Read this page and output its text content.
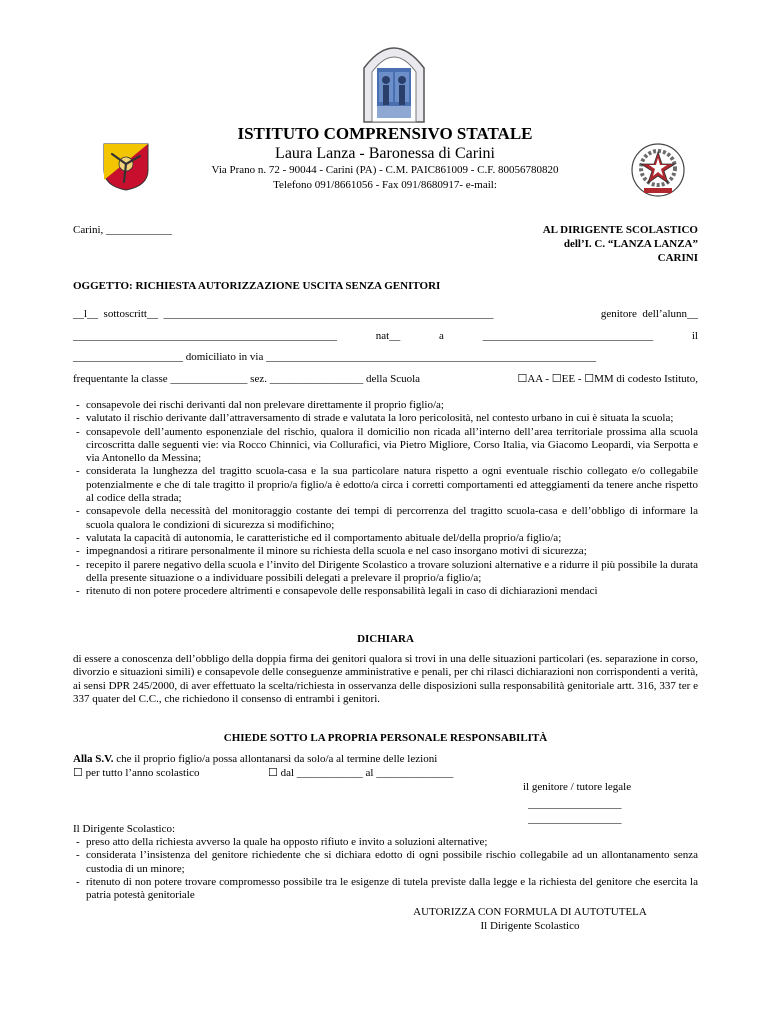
ISTITUTO COMPRENSIVO STATALE
Laura Lanza - Baronessa di Carini
Via Prano n. 72 - 90044 - Carini (PA) - C.M. PAIC861009 - C.F. 80056780820
Telefono 091/8661056 - Fax 091/8680917- e-mail:
Carini, ____________	AL DIRIGENTE SCOLASTICO
dell’I. C. “LANZA LANZA”
CARINI
OGGETTO: RICHIESTA AUTORIZZAZIONE USCITA SENZA GENITORI
__l__  sottoscritt__  ____________________________________________________________	genitore  dell’alunn__
________________________________________________	nat__	a	_______________________________	il
____________________ domiciliato in via ____________________________________________________________
frequentante la classe ______________ sez. _________________ della Scuola	☐AA - ☐EE - ☐MM di codesto Istituto,
- consapevole dei rischi derivanti dal non prelevare direttamente il proprio figlio/a;
- valutato il rischio derivante dall’attraversamento di strade e valutata la loro pericolosità, nel contesto urbano in cui è situata la scuola;
- consapevole dell’aumento esponenziale del rischio, qualora il domicilio non ricada all’interno dell’area territoriale prossima alla scuola circoscritta dalle seguenti vie: via Rocco Chinnici, via Collurafici, via Pietro Migliore, Corso Italia, via Giacomo Leopardi, via Serpotta e via Antonello da Messina;
- considerata la lunghezza del tragitto scuola-casa e la sua particolare natura rispetto a ogni eventuale rischio collegato e/o collegabile potenzialmente e che di tale tragitto il proprio/a figlio/a è edotto/a circa i corretti comportamenti ed atteggiamenti da tenere anche rispetto al codice della strada;
- consapevole della necessità del monitoraggio costante dei tempi di percorrenza del tragitto scuola-casa e dell’obbligo di informare la scuola qualora le condizioni di sicurezza si modifichino;
- valutata la capacità di autonomia, le caratteristiche ed il comportamento abituale del/della proprio/a figlio/a;
- impegnandosi a ritirare personalmente il minore su richiesta della scuola e nel caso insorgano motivi di sicurezza;
- recepito il parere negativo della scuola e l’invito del Dirigente Scolastico a trovare soluzioni alternative e a ridurre il più possibile la durata della presente situazione o a individuare possibili delegati a prelevare il proprio/a figlio/a;
- ritenuto di non potere procedere altrimenti e consapevole delle responsabilità legali in caso di dichiarazioni mendaci
DICHIARA
di essere a conoscenza dell’obbligo della doppia firma dei genitori qualora si trovi in una delle situazioni particolari (es. separazione in corso, divorzio e situazioni simili) e consapevole delle conseguenze amministrative e penali, per chi rilasci dichiarazioni non corrispondenti a verità, ai sensi DPR 245/2000, di aver effettuato la scelta/richiesta in osservanza delle disposizioni sulla responsabilità genitoriale artt. 316, 337 ter e 337 quater del C.C., che richiedono il consenso di entrambi i genitori.
CHIEDE SOTTO LA PROPRIA PERSONALE RESPONSABILITÀ
Alla S.V. che il proprio figlio/a possa allontanarsi da solo/a al termine delle lezioni
☐ per tutto l’anno scolastico	☐ dal ____________ al ______________
il genitore / tutore legale
_________________
_________________
Il Dirigente Scolastico:
- preso atto della richiesta avverso la quale ha opposto rifiuto e invito a soluzioni alternative;
- considerata l’insistenza del genitore richiedente che si dichiara edotto di ogni possibile rischio collegabile ad un allontanamento senza custodia di un minore;
- ritenuto di non potere trovare compromesso possibile tra le esigenze di tutela previste dalla legge e la richiesta del genitore che esercita la patria potestà genitoriale
AUTORIZZA CON FORMULA DI AUTOTUTELA
Il Dirigente Scolastico
